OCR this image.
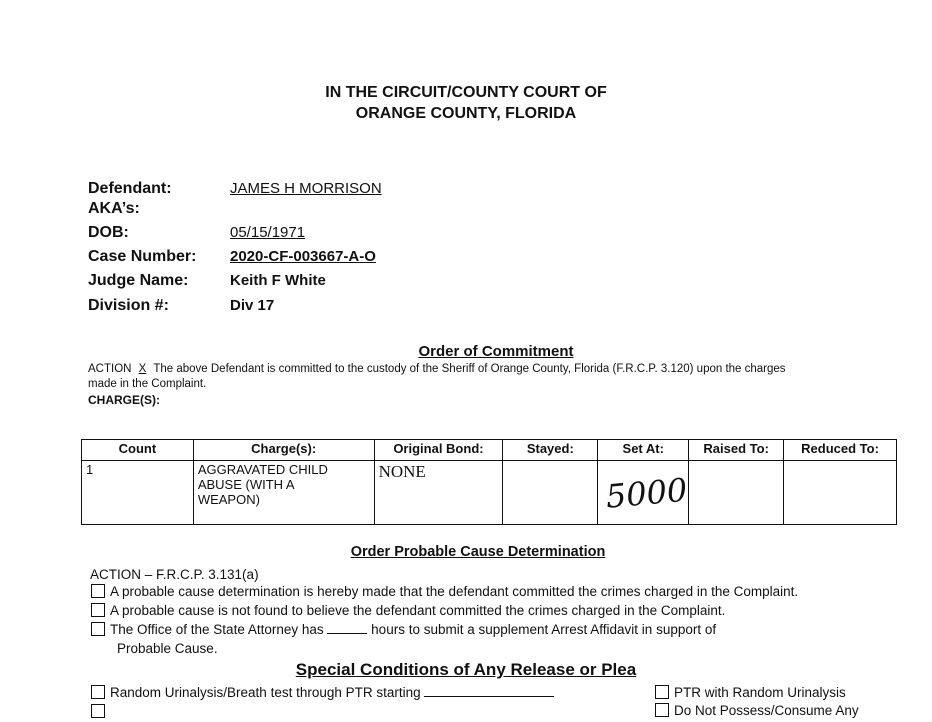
IN THE CIRCUIT/COUNTY COURT OF
ORANGE COUNTY, FLORIDA
Defendant:	JAMES H MORRISON
AKA’s:
DOB:	05/15/1971
Case Number: 2020-CF-003667-A-O
Judge Name:	Keith F White
Division #:	Div 17
Order of Commitment
ACTION X The above Defendant is committed to the custody of the Sheriff of Orange County, Florida (F.R.C.P. 3.120) upon the charges
made in the Complaint.
CHARGE(S):
Count	Charge(s):	Original Bond:	Stayed:	Set At:	Raised To:	Reduced To:
1	AGGRAVATED CHILD
ABUSE (WITH A
WEAPON)	NONE		5000		

Order Probable Cause Determination
ACTION – F.R.C.P. 3.131(a)
A probable cause determination is hereby made that the defendant committed the crimes charged in the Complaint.
A probable cause is not found to believe the defendant committed the crimes charged in the Complaint.
The Office of the State Attorney has	hours to submit a supplement Arrest Affidavit in support of
Probable Cause.
Special Conditions of Any Release or Plea
Random Urinalysis/Breath test through PTR starting	PTR with Random Urinalysis
Do Not Possess/Consume Any
